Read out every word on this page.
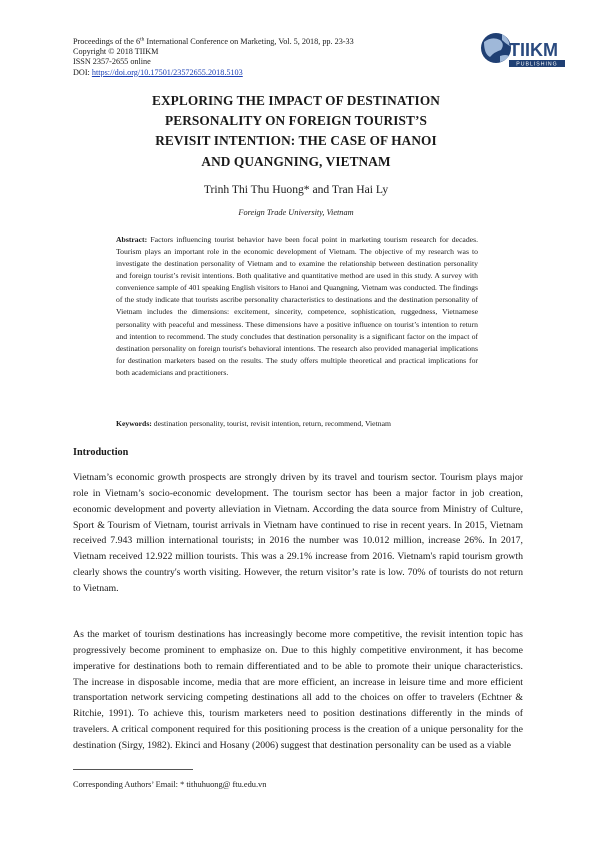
Proceedings of the 6th International Conference on Marketing, Vol. 5, 2018, pp. 23-33
Copyright © 2018 TIIKM
ISSN 2357-2655 online
DOI: https://doi.org/10.17501/23572655.2018.5103
TIIKM
PUBLISHING
EXPLORING THE IMPACT OF DESTINATION
PERSONALITY ON FOREIGN TOURIST’S
REVISIT INTENTION: THE CASE OF HANOI
AND QUANGNING, VIETNAM
Trinh Thi Thu Huong* and Tran Hai Ly
Foreign Trade University, Vietnam
Abstract: Factors influencing tourist behavior have been focal point in marketing tourism research for decades. Tourism plays an important role in the economic development of Vietnam. The objective of my research was to investigate the destination personality of Vietnam and to examine the relationship between destination personality and foreign tourist’s revisit intentions. Both qualitative and quantitative method are used in this study. A survey with convenience sample of 401 speaking English visitors to Hanoi and Quangning, Vietnam was conducted. The findings of the study indicate that tourists ascribe personality characteristics to destinations and the destination personality of Vietnam includes the dimensions: excitement, sincerity, competence, sophistication, ruggedness, Vietnamese personality with peaceful and messiness. These dimensions have a positive influence on tourist’s intention to return and intention to recommend. The study concludes that destination personality is a significant factor on the impact of destination personality on foreign tourist's behavioral intentions. The research also provided managerial implications for destination marketers based on the results. The study offers multiple theoretical and practical implications for both academicians and practitioners.
Keywords: destination personality, tourist, revisit intention, return, recommend, Vietnam
Introduction
Vietnam’s economic growth prospects are strongly driven by its travel and tourism sector. Tourism plays major role in Vietnam’s socio-economic development. The tourism sector has been a major factor in job creation, economic development and poverty alleviation in Vietnam. According the data source from Ministry of Culture, Sport & Tourism of Vietnam, tourist arrivals in Vietnam have continued to rise in recent years. In 2015, Vietnam received 7.943 million international tourists; in 2016 the number was 10.012 million, increase 26%. In 2017, Vietnam received 12.922 million tourists. This was a 29.1% increase from 2016. Vietnam's rapid tourism growth clearly shows the country's worth visiting. However, the return visitor’s rate is low. 70% of tourists do not return to Vietnam.
As the market of tourism destinations has increasingly become more competitive, the revisit intention topic has progressively become prominent to emphasize on. Due to this highly competitive environment, it has become imperative for destinations both to remain differentiated and to be able to promote their unique characteristics. The increase in disposable income, media that are more efficient, an increase in leisure time and more efficient transportation network servicing competing destinations all add to the choices on offer to travelers (Echtner & Ritchie, 1991). To achieve this, tourism marketers need to position destinations differently in the minds of travelers. A critical component required for this positioning process is the creation of a unique personality for the destination (Sirgy, 1982). Ekinci and Hosany (2006) suggest that destination personality can be used as a viable
Corresponding Authors’ Email: * tithuhuong@ ftu.edu.vn
